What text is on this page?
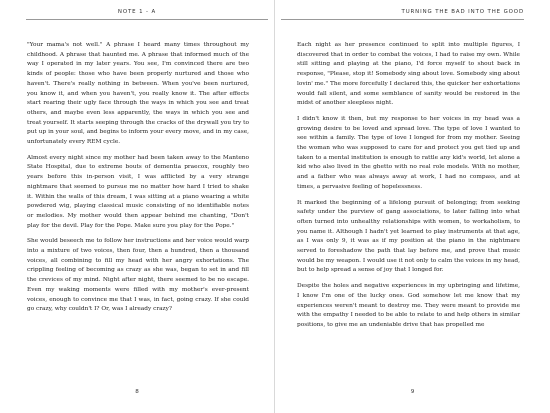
NOTE 1 - A

"Your mama's not well." A phrase I heard many times throughout my childhood. A phrase that haunted me. A phrase that informed much of the way I operated in my later years. You see, I'm convinced there are two kinds of people: those who have been properly nurtured and those who haven't. There's really nothing in between. When you've been nurtured, you know it, and when you haven't, you really know it. The after effects start rearing their ugly face through the ways in which you see and treat others, and maybe even less apparently, the ways in which you see and treat yourself. It starts seeping through the cracks of the drywall you try to put up in your soul, and begins to inform your every move, and in my case, unfortunately every REM cycle.

Almost every night since my mother had been taken away to the Manteno State Hospital, due to extreme bouts of dementia praecox, roughly two years before this in-person visit, I was afflicted by a very strange nightmare that seemed to pursue me no matter how hard I tried to shake it. Within the walls of this dream, I was sitting at a piano wearing a white powdered wig, playing classical music consisting of no identifiable notes or melodies. My mother would then appear behind me chanting, "Don't play for the devil. Play for the Pope. Make sure you play for the Pope."

She would beseech me to follow her instructions and her voice would warp into a mixture of two voices, then four, then a hundred, then a thousand voices, all combining to fill my head with her angry exhortations. The crippling feeling of becoming as crazy as she was, began to set in and fill the crevices of my mind. Night after night, there seemed to be no escape. Even my waking moments were filled with my mother's ever-present voices, enough to convince me that I was, in fact, going crazy. If she could go crazy, why couldn't I? Or, was I already crazy?

8
TURNING THE BAD INTO THE GOOD

Each night as her presence continued to split into multiple figures, I discovered that in order to combat the voices, I had to raise my own. While still sitting and playing at the piano, I'd force myself to shout back in response, "Please, stop it! Somebody sing about love. Somebody sing about lovin' me." The more forcefully I declared this, the quicker her exhortations would fall silent, and some semblance of sanity would be restored in the midst of another sleepless night.

I didn't know it then, but my response to her voices in my head was a growing desire to be loved and spread love. The type of love I wanted to see within a family. The type of love I longed for from my mother. Seeing the woman who was supposed to care for and protect you get tied up and taken to a mental institution is enough to rattle any kid's world, let alone a kid who also lived in the ghetto with no real role models. With no mother, and a father who was always away at work, I had no compass, and at times, a pervasive feeling of hopelessness.

It marked the beginning of a lifelong pursuit of belonging; from seeking safety under the purview of gang associations, to later falling into what often turned into unhealthy relationships with women, to workaholism, to you name it. Although I hadn't yet learned to play instruments at that age, as I was only 9, it was as if my position at the piano in the nightmare served to foreshadow the path that lay before me, and prove that music would be my weapon. I would use it not only to calm the voices in my head, but to help spread a sense of joy that I longed for.

Despite the holes and negative experiences in my upbringing and lifetime, I know I'm one of the lucky ones. God somehow let me know that my experiences weren't meant to destroy me. They were meant to provide me with the empathy I needed to be able to relate to and help others in similar positions, to give me an undeniable drive that has propelled me

9
